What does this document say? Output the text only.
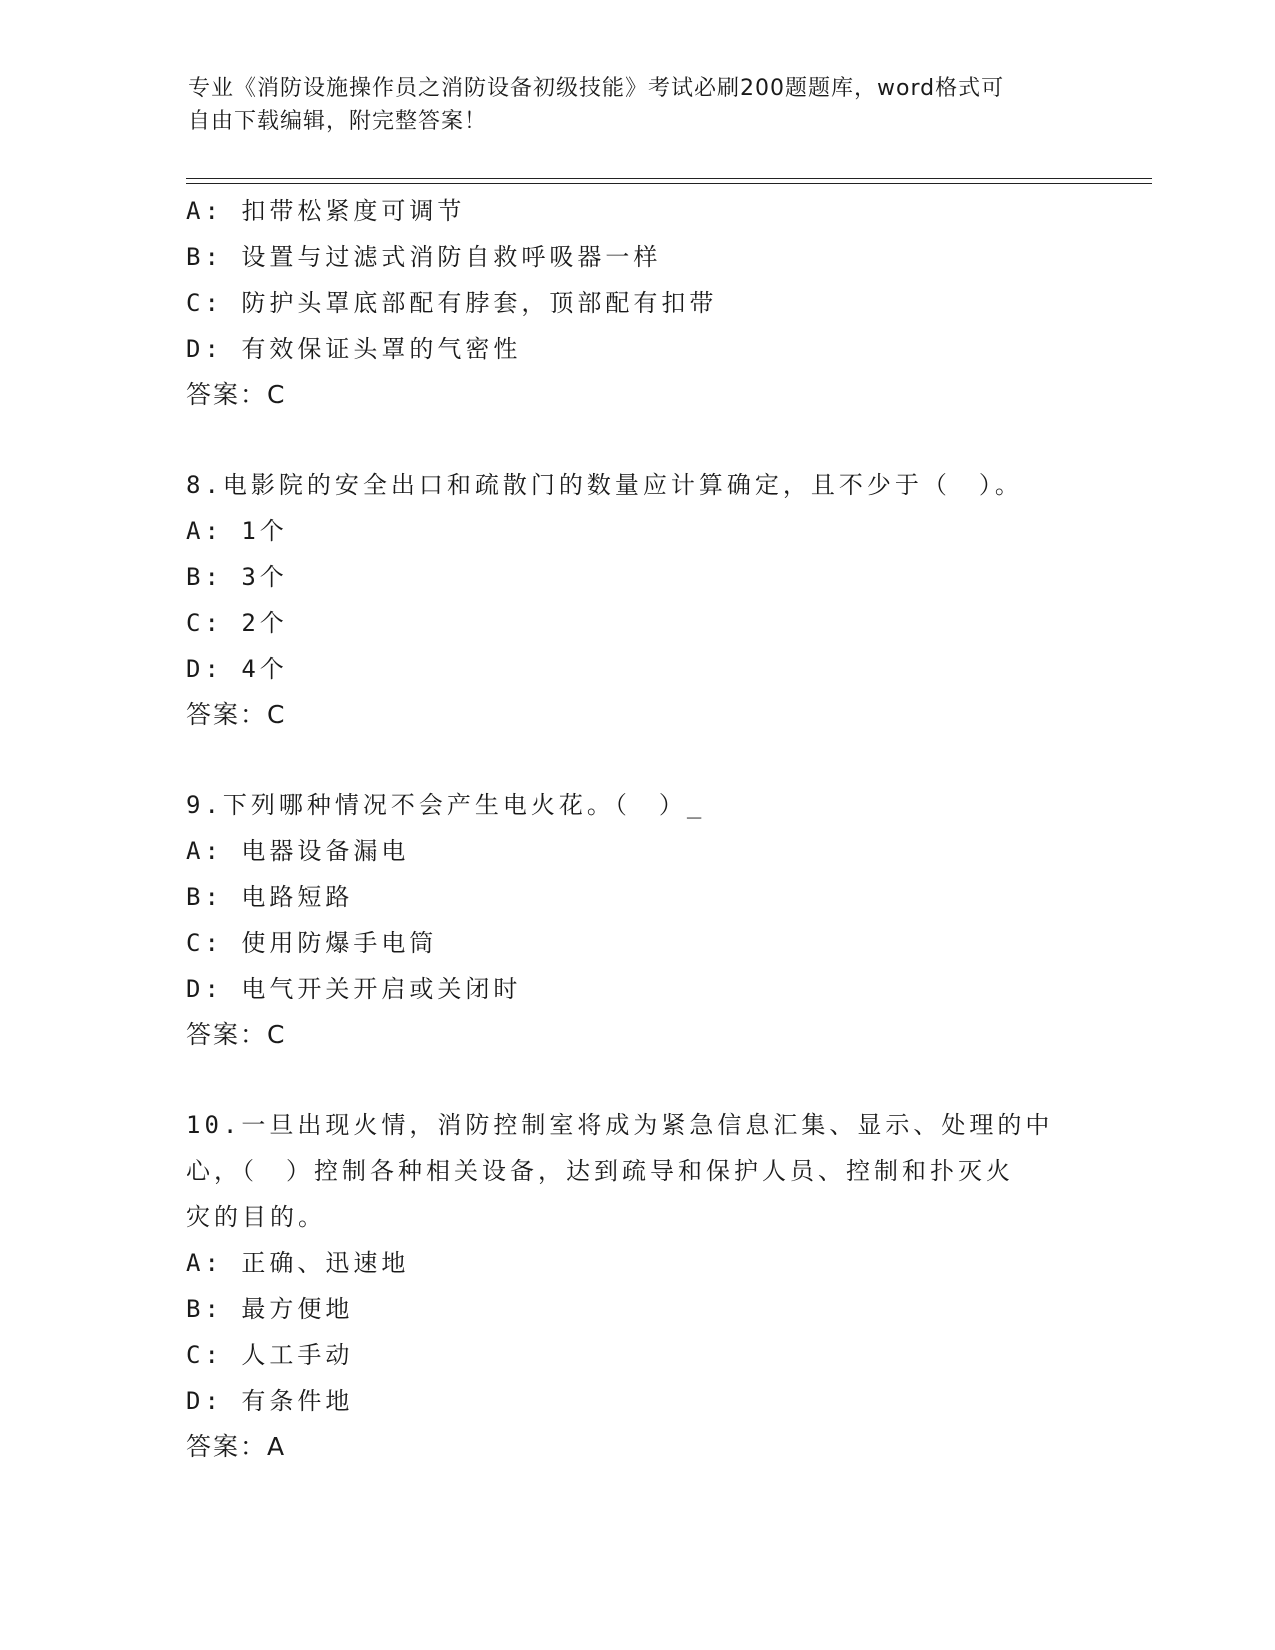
专业《消防设施操作员之消防设备初级技能》考试必刷200题题库，word格式可
自由下载编辑，附完整答案！
A: 扣带松紧度可调节
B: 设置与过滤式消防自救呼吸器一样
C: 防护头罩底部配有脖套，顶部配有扣带
D: 有效保证头罩的气密性
答案：C
8.电影院的安全出口和疏散门的数量应计算确定，且不少于（　）。
A: 1个
B: 3个
C: 2个
D: 4个
答案：C
9.下列哪种情况不会产生电火花。（　）_
A: 电器设备漏电
B: 电路短路
C: 使用防爆手电筒
D: 电气开关开启或关闭时
答案：C
10.一旦出现火情，消防控制室将成为紧急信息汇集、显示、处理的中
心，（　）控制各种相关设备，达到疏导和保护人员、控制和扑灭火
灾的目的。
A: 正确、迅速地
B: 最方便地
C: 人工手动
D: 有条件地
答案：A
